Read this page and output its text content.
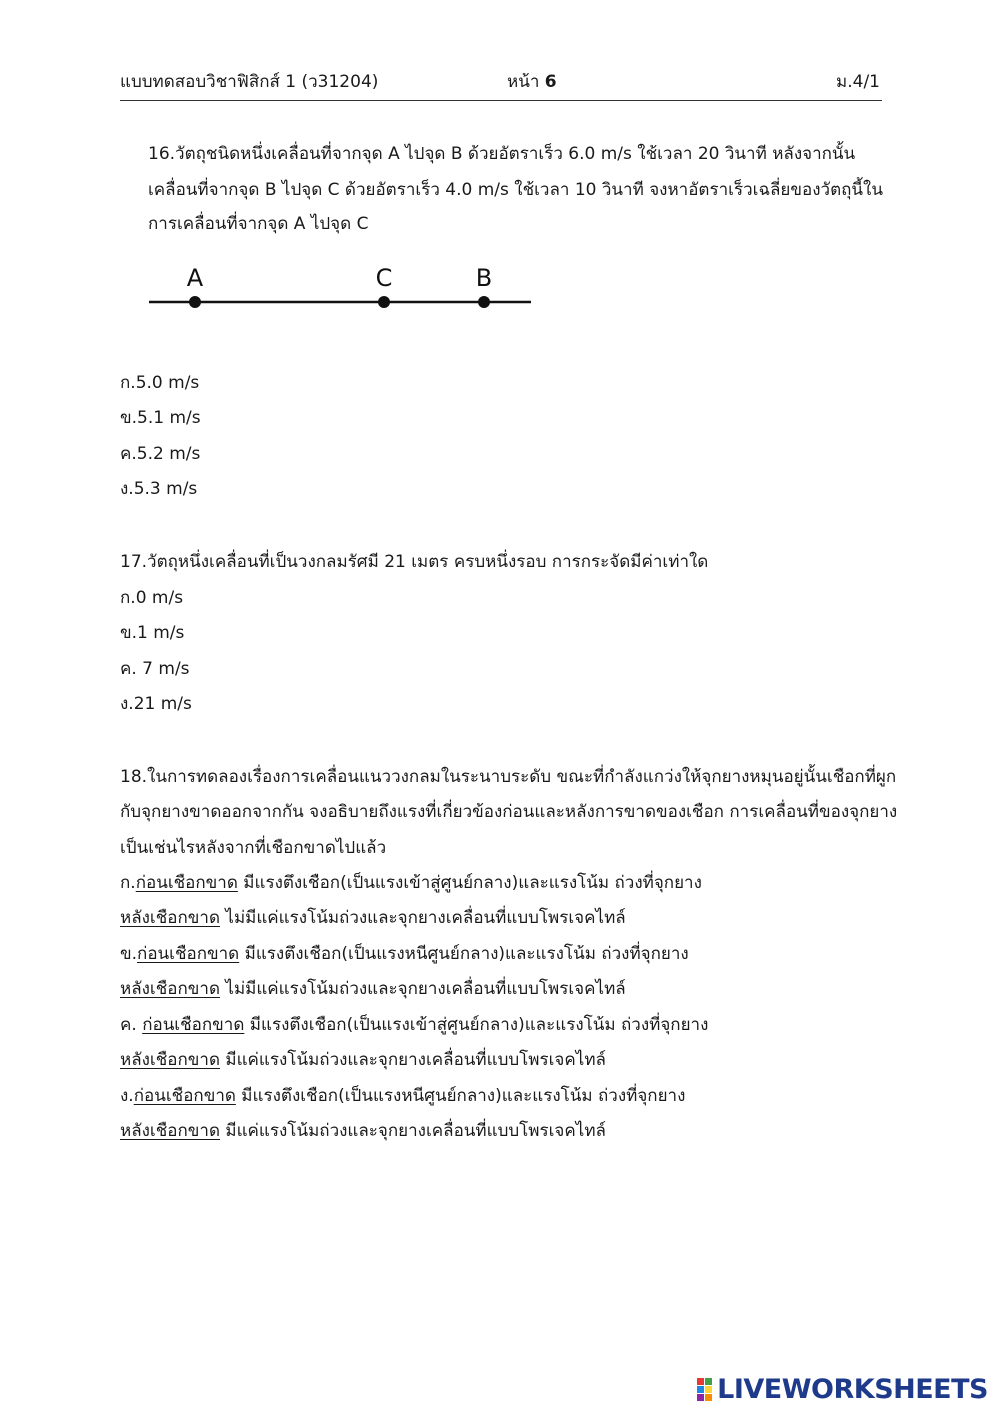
แบบทดสอบวิชาฟิสิกส์ 1 (ว31204)	หน้า 6	ม.4/1
16.วัตถุชนิดหนึ่งเคลื่อนที่จากจุด A ไปจุด B ด้วยอัตราเร็ว 6.0 m/s ใช้เวลา 20 วินาที หลังจากนั้น
เคลื่อนที่จากจุด B ไปจุด C ด้วยอัตราเร็ว 4.0 m/s ใช้เวลา 10 วินาที จงหาอัตราเร็วเฉลี่ยของวัตถุนี้ใน
การเคลื่อนที่จากจุด A ไปจุด C
A	C	B
ก.5.0 m/s
ข.5.1 m/s
ค.5.2 m/s
ง.5.3 m/s
17.วัตถุหนึ่งเคลื่อนที่เป็นวงกลมรัศมี 21 เมตร ครบหนึ่งรอบ การกระจัดมีค่าเท่าใด
ก.0 m/s
ข.1 m/s
ค. 7 m/s
ง.21 m/s
18.ในการทดลองเรื่องการเคลื่อนแนววงกลมในระนาบระดับ ขณะที่กำลังแกว่งให้จุกยางหมุนอยู่นั้นเชือกที่ผูก
กับจุกยางขาดออกจากกัน จงอธิบายถึงแรงที่เกี่ยวข้องก่อนและหลังการขาดของเชือก การเคลื่อนที่ของจุกยาง
เป็นเช่นไรหลังจากที่เชือกขาดไปแล้ว
ก.ก่อนเชือกขาด มีแรงตึงเชือก(เป็นแรงเข้าสู่ศูนย์กลาง)และแรงโน้ม ถ่วงที่จุกยาง
หลังเชือกขาด ไม่มีแค่แรงโน้มถ่วงและจุกยางเคลื่อนที่แบบโพรเจคไทล์
ข.ก่อนเชือกขาด มีแรงตึงเชือก(เป็นแรงหนีศูนย์กลาง)และแรงโน้ม ถ่วงที่จุกยาง
หลังเชือกขาด ไม่มีแค่แรงโน้มถ่วงและจุกยางเคลื่อนที่แบบโพรเจคไทล์
ค. ก่อนเชือกขาด มีแรงตึงเชือก(เป็นแรงเข้าสู่ศูนย์กลาง)และแรงโน้ม ถ่วงที่จุกยาง
หลังเชือกขาด มีแค่แรงโน้มถ่วงและจุกยางเคลื่อนที่แบบโพรเจคไทล์
ง.ก่อนเชือกขาด มีแรงตึงเชือก(เป็นแรงหนีศูนย์กลาง)และแรงโน้ม ถ่วงที่จุกยาง
หลังเชือกขาด มีแค่แรงโน้มถ่วงและจุกยางเคลื่อนที่แบบโพรเจคไทล์
LIVEWORKSHEETS
